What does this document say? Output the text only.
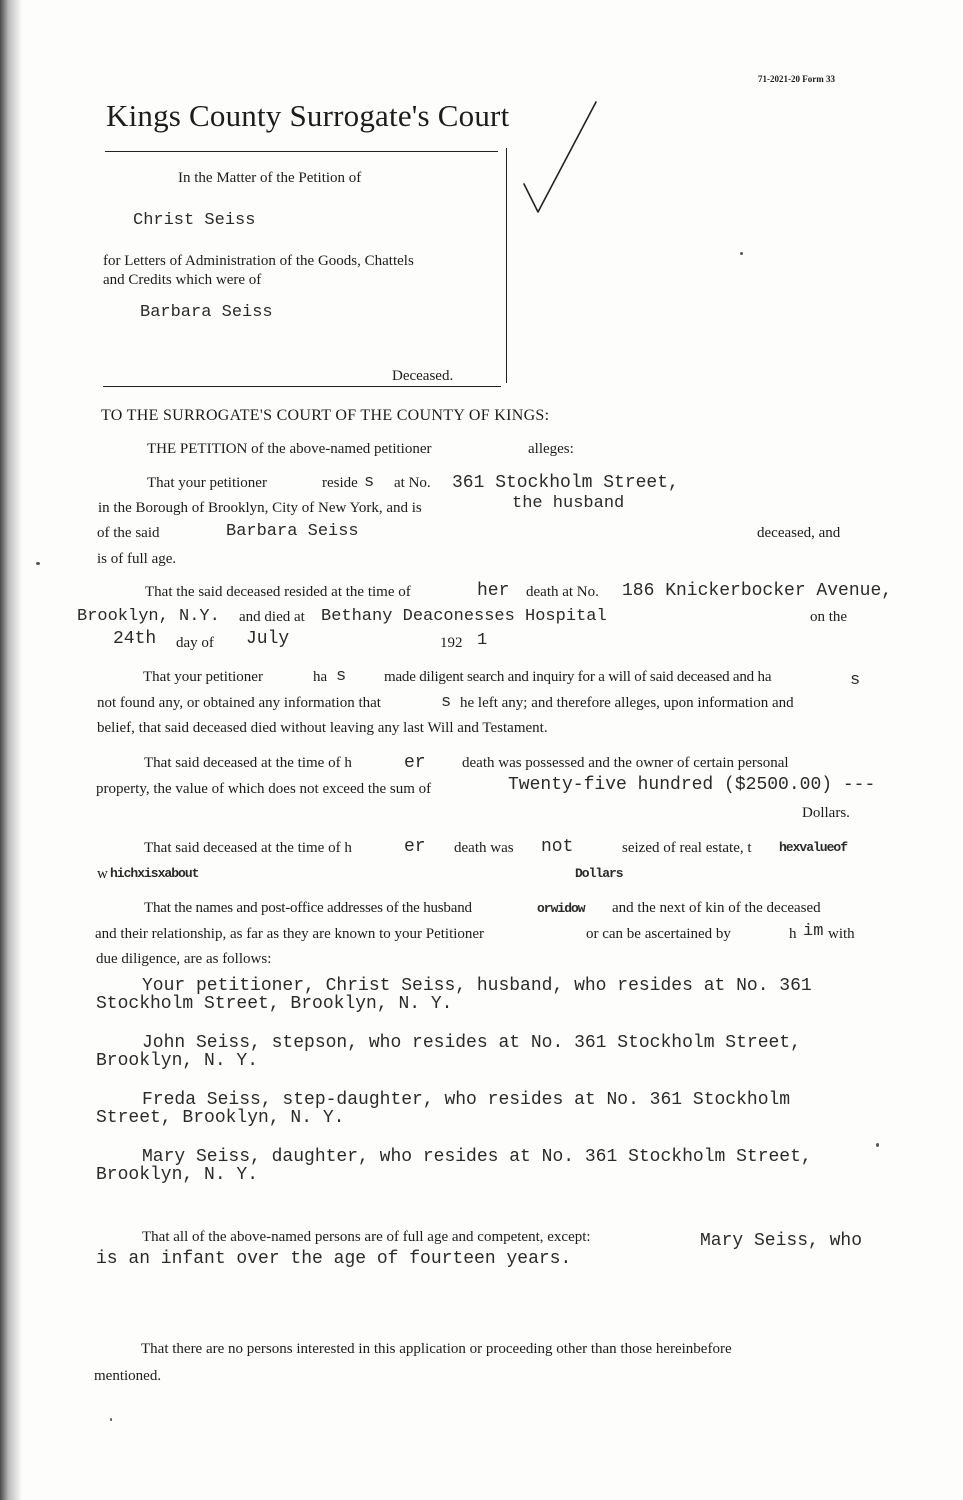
71-2021-20 Form 33
Kings County Surrogate's Court
In the Matter of the Petition of
Christ Seiss
for Letters of Administration of the Goods, Chattels
and Credits which were of
Barbara Seiss
Deceased.
TO THE SURROGATE'S COURT OF THE COUNTY OF KINGS:
THE PETITION of the above-named petitioner	alleges:
That your petitioner	reside s at No. 361 Stockholm Street,
in the Borough of Brooklyn, City of New York, and is	the husband
of the said	Barbara Seiss	deceased, and
is of full age.
That the said deceased resided at the time of	her death at No. 186 Knickerbocker Avenue,
Brooklyn, N.Y. and died at Bethany Deaconesses Hospital	on the
24th day of July	192 1
That your petitioner	ha s	made diligent search and inquiry for a will of said deceased and ha	s
not found any, or obtained any information that	s he left any; and therefore alleges, upon information and
belief, that said deceased died without leaving any last Will and Testament.
That said deceased at the time of h	er death was possessed and the owner of certain personal
property, the value of which does not exceed the sum of	Twenty-five hundred ($2500.00) ---
Dollars.
That said deceased at the time of h	er death was not	seized of real estate, t hexvalueof
w hichxisxabout	Dollars
That the names and post-office addresses of the husband	orwidow and the next of kin of the deceased
and their relationship, as far as they are known to your Petitioner	or can be ascertained by	h im with
due diligence, are as follows:
Your petitioner, Christ Seiss, husband, who resides at No. 361
Stockholm Street, Brooklyn, N. Y.
John Seiss, stepson, who resides at No. 361 Stockholm Street,
Brooklyn, N. Y.
Freda Seiss, step-daughter, who resides at No. 361 Stockholm
Street, Brooklyn, N. Y.
Mary Seiss, daughter, who resides at No. 361 Stockholm Street,
Brooklyn, N. Y.
That all of the above-named persons are of full age and competent, except:	Mary Seiss, who
is an infant over the age of fourteen years.
That there are no persons interested in this application or proceeding other than those hereinbefore
mentioned.
